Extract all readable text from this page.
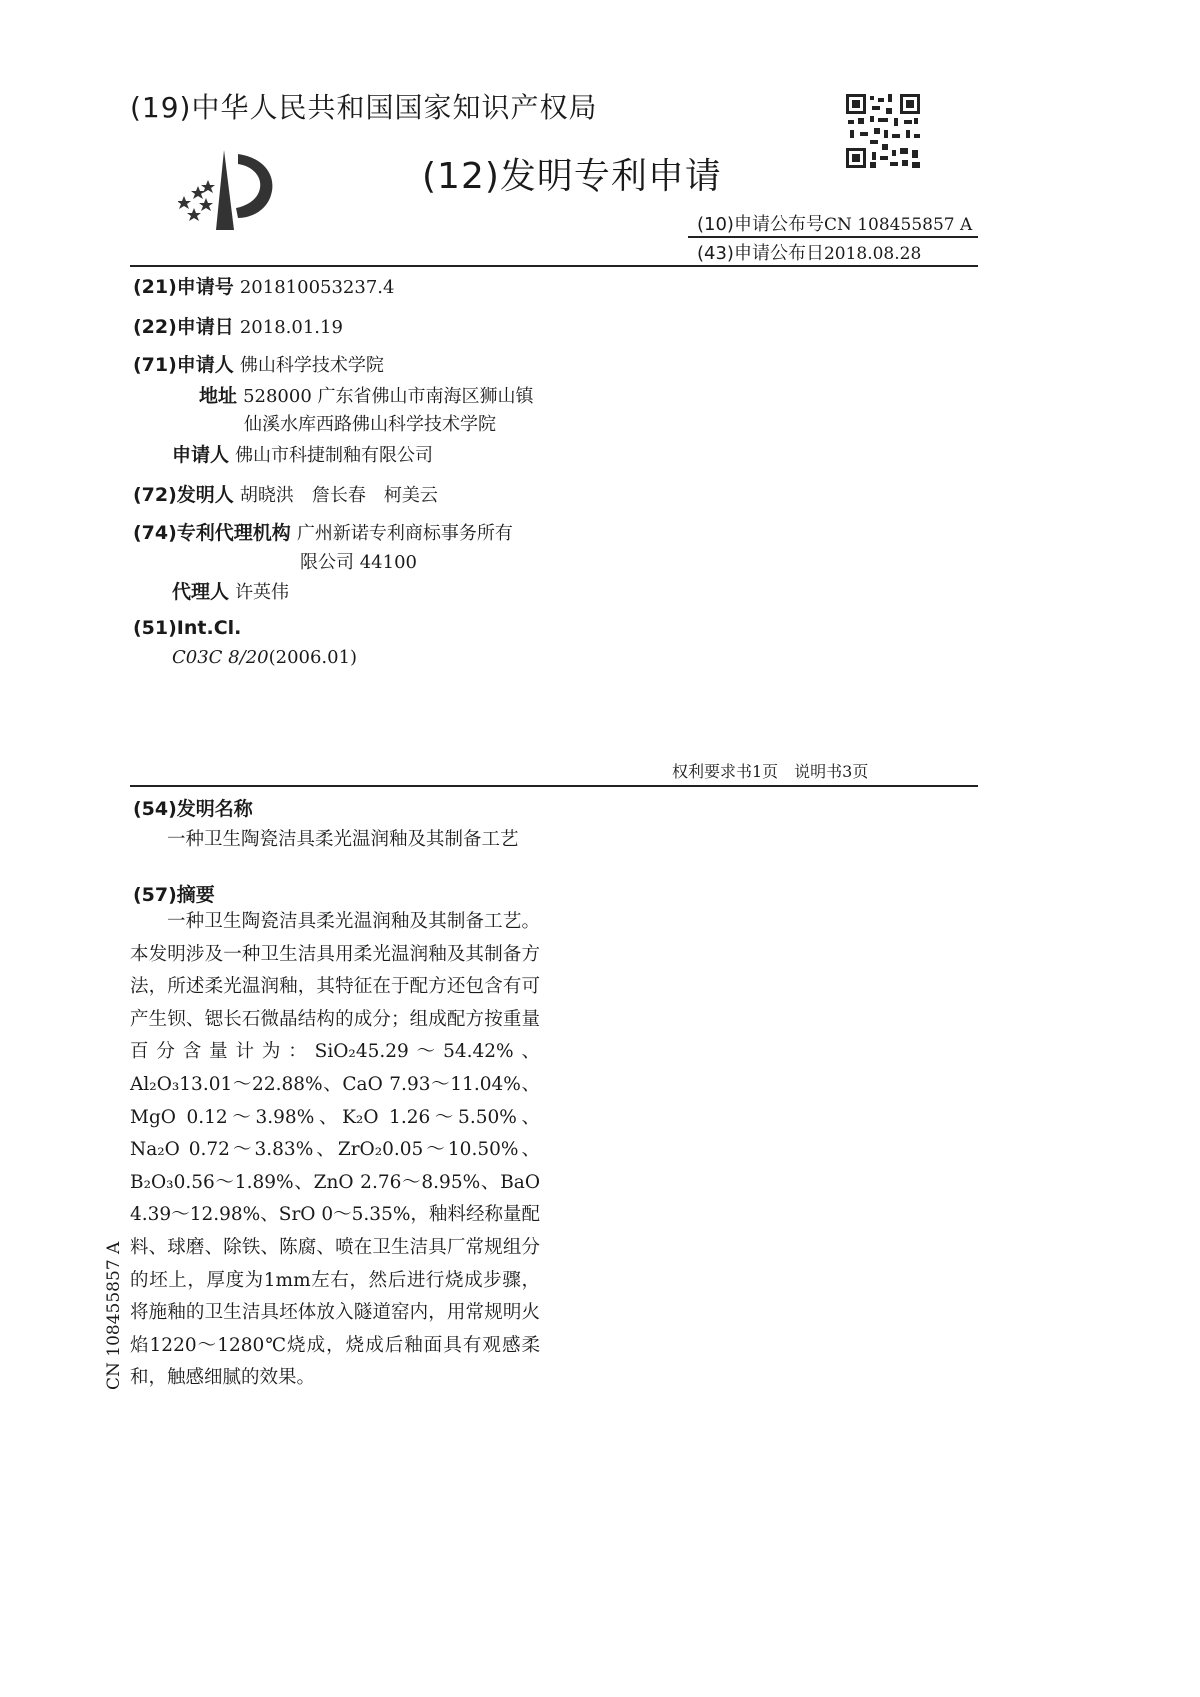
(19)中华人民共和国国家知识产权局
(12)发明专利申请
(10)申请公布号CN 108455857 A
(43)申请公布日2018.08.28
(21)申请号 201810053237.4
(22)申请日 2018.01.19
(71)申请人 佛山科学技术学院
地址 528000 广东省佛山市南海区狮山镇
仙溪水库西路佛山科学技术学院
申请人 佛山市科捷制釉有限公司
(72)发明人 胡晓洪　詹长春　柯美云
(74)专利代理机构 广州新诺专利商标事务所有
限公司 44100
代理人 许英伟
(51)Int.Cl.
C03C 8/20(2006.01)
权利要求书1页　说明书3页
(54)发明名称
一种卫生陶瓷洁具柔光温润釉及其制备工艺
(57)摘要
一种卫生陶瓷洁具柔光温润釉及其制备工艺。本发明涉及一种卫生洁具用柔光温润釉及其制备方法，所述柔光温润釉，其特征在于配方还包含有可产生钡、锶长石微晶结构的成分；组成配方按重量百分含量计为：SiO₂45.29～54.42%、Al₂O₃13.01～22.88%、CaO 7.93～11.04%、MgO 0.12～3.98%、K₂O 1.26～5.50%、Na₂O 0.72～3.83%、ZrO₂0.05～10.50%、B₂O₃0.56～1.89%、ZnO 2.76～8.95%、BaO 4.39～12.98%、SrO 0～5.35%，釉料经称量配料、球磨、除铁、陈腐、喷在卫生洁具厂常规组分的坯上，厚度为1mm左右，然后进行烧成步骤，将施釉的卫生洁具坯体放入隧道窑内，用常规明火焰1220～1280℃烧成，烧成后釉面具有观感柔和，触感细腻的效果。
CN 108455857 A
